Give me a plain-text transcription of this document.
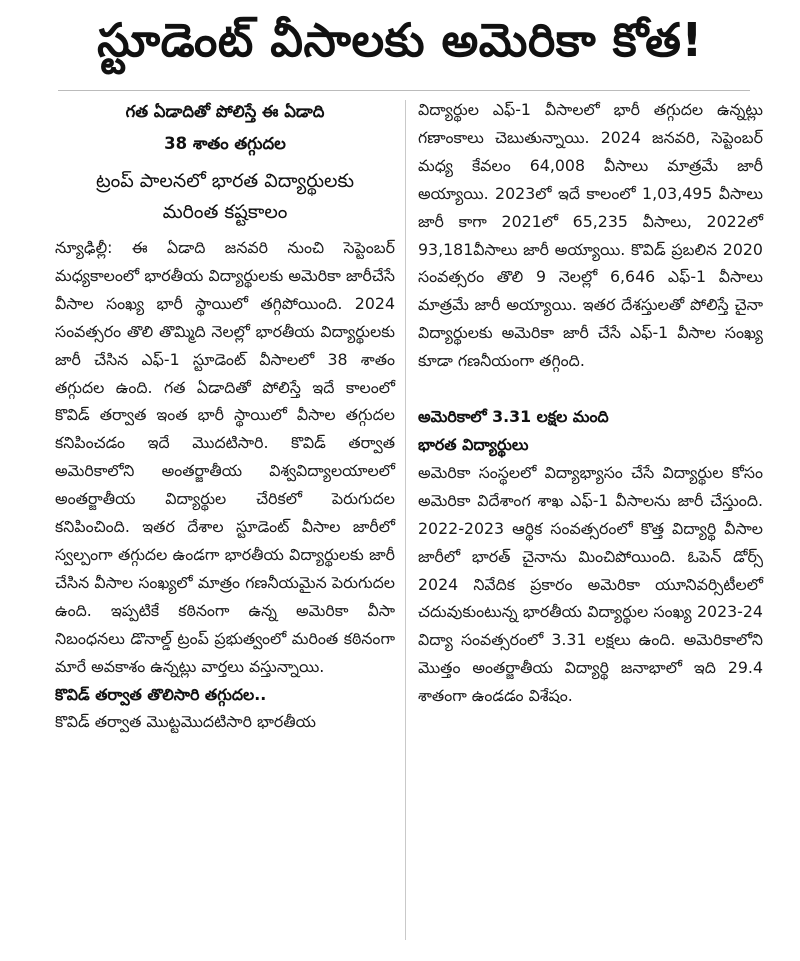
స్టూడెంట్ వీసాలకు అమెరికా కోత!
గత ఏడాదితో పోలిస్తే ఈ ఏడాది
38 శాతం తగ్గుదల
ట్రంప్ పాలనలో భారత విద్యార్థులకు
మరింత కష్టకాలం

న్యూఢిల్లీ: ఈ ఏడాది జనవరి నుంచి సెప్టెంబర్ మధ్యకాలంలో భారతీయ విద్యార్థులకు అమెరికా జారీచేసే వీసాల సంఖ్య భారీ స్థాయిలో తగ్గిపోయింది. 2024 సంవత్సరం తొలి తొమ్మిది నెలల్లో భారతీయ విద్యార్థులకు జారీ చేసిన ఎఫ్-1 స్టూడెంట్ వీసాలలో 38 శాతం తగ్గుదల ఉంది. గత ఏడాదితో పోలిస్తే ఇదే కాలంలో కొవిడ్ తర్వాత ఇంత భారీ స్థాయిలో వీసాల తగ్గుదల కనిపించడం ఇదే మొదటిసారి. కొవిడ్ తర్వాత అమెరికాలోని అంతర్జాతీయ విశ్వవిద్యాలయాలలో అంతర్జాతీయ విద్యార్థుల చేరికలో పెరుగుదల కనిపించింది. ఇతర దేశాల స్టూడెంట్ వీసాల జారీలో స్వల్పంగా తగ్గుదల ఉండగా భారతీయ విద్యార్థులకు జారీ చేసిన వీసాల సంఖ్యలో మాత్రం గణనీయమైన పెరుగుదల ఉంది. ఇప్పటికే కఠినంగా ఉన్న అమెరికా వీసా నిబంధనలు డొనాల్డ్ ట్రంప్ ప్రభుత్వంలో మరింత కఠినంగా మారే అవకాశం ఉన్నట్లు వార్తలు వస్తున్నాయి.

కొవిడ్ తర్వాత తొలిసారి తగ్గుదల..

కొవిడ్ తర్వాత మొట్టమొదటిసారి భారతీయ

విద్యార్థుల ఎఫ్-1 వీసాలలో భారీ తగ్గుదల ఉన్నట్లు గణాంకాలు చెబుతున్నాయి. 2024 జనవరి, సెప్టెంబర్ మధ్య కేవలం 64,008 వీసాలు మాత్రమే జారీ అయ్యాయి. 2023లో ఇదే కాలంలో 1,03,495 వీసాలు జారీ కాగా 2021లో 65,235 వీసాలు, 2022లో 93,181వీసాలు జారీ అయ్యాయి. కొవిడ్ ప్రబలిన 2020 సంవత్సరం తొలి 9 నెలల్లో 6,646 ఎఫ్-1 వీసాలు మాత్రమే జారీ అయ్యాయి. ఇతర దేశస్తులతో పోలిస్తే చైనా విద్యార్థులకు అమెరికా జారీ చేసే ఎఫ్-1 వీసాల సంఖ్య కూడా గణనీయంగా తగ్గింది.

అమెరికాలో 3.31 లక్షల మంది

భారత విద్యార్థులు

అమెరికా సంస్థలలో విద్యాభ్యాసం చేసే విద్యార్థుల కోసం అమెరికా విదేశాంగ శాఖ ఎఫ్-1 వీసాలను జారీ చేస్తుంది. 2022-2023 ఆర్థిక సంవత్సరంలో కొత్త విద్యార్థి వీసాల జారీలో భారత్ చైనాను మించిపోయింది. ఓపెన్ డోర్స్ 2024 నివేదిక ప్రకారం అమెరికా యూనివర్సిటీలలో చదువుకుంటున్న భారతీయ విద్యార్థుల సంఖ్య 2023-24 విద్యా సంవత్సరంలో 3.31 లక్షలు ఉంది. అమెరికాలోని మొత్తం అంతర్జాతీయ విద్యార్థి జనాభాలో ఇది 29.4 శాతంగా ఉండడం విశేషం.
